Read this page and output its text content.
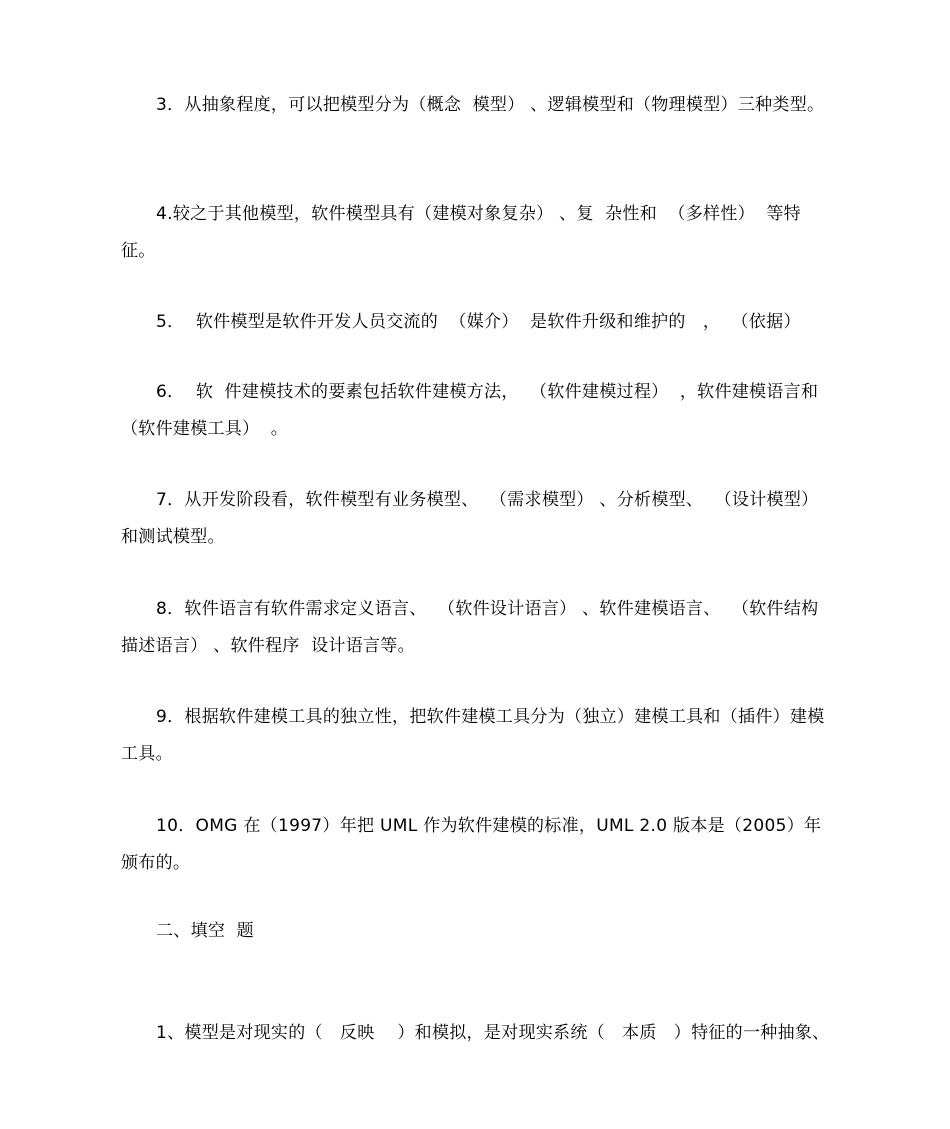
3．从抽象程度，可以把模型分为（概念  模型） 、逻辑模型和（物理模型）三种类型。

4.较之于其他模型，软件模型具有（建模对象复杂） 、复  杂性和  （多样性）  等特征。

5．  软件模型是软件开发人员交流的  （媒介）  是软件升级和维护的   ，  （依据）

6．  软  件建模技术的要素包括软件建模方法，  （软件建模过程）  ，软件建模语言和（软件建模工具）  。

7．从开发阶段看，软件模型有业务模型、  （需求模型） 、分析模型、  （设计模型）和测试模型。

8．软件语言有软件需求定义语言、  （软件设计语言） 、软件建模语言、  （软件结构描述语言） 、软件程序  设计语言等。

9．根据软件建模工具的独立性，把软件建模工具分为（独立）建模工具和（插件）建模工具。

10．OMG 在（1997）年把 UML 作为软件建模的标准，UML 2.0 版本是（2005）年颁布的。

二、填空  题

1、模型是对现实的（   反映    ）和模拟，是对现实系统（   本质   ）特征的一种抽象、
